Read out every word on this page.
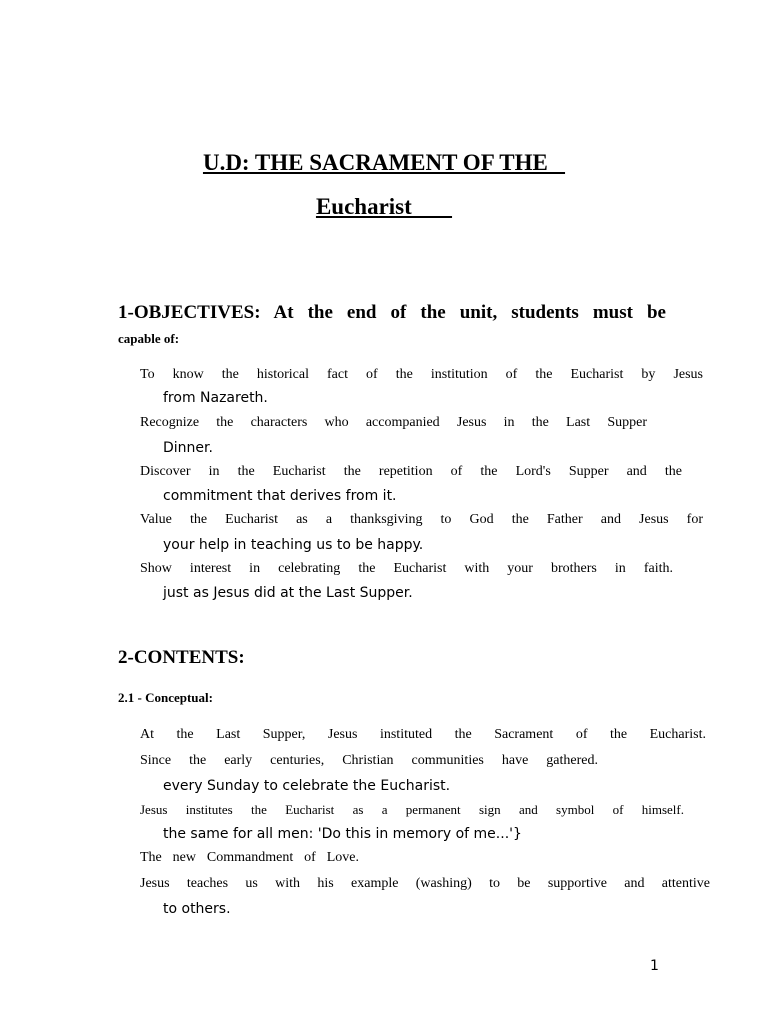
U.D: THE SACRAMENT OF THE
Eucharist
1-OBJECTIVES: At the end of the unit, students must be
capable of:
To know the historical fact of the institution of the Eucharist by Jesus
from Nazareth.
Recognize the characters who accompanied Jesus in the Last Supper
Dinner.
Discover in the Eucharist the repetition of the Lord's Supper and the
commitment that derives from it.
Value the Eucharist as a thanksgiving to God the Father and Jesus for
your help in teaching us to be happy.
Show interest in celebrating the Eucharist with your brothers in faith.
just as Jesus did at the Last Supper.
2-CONTENTS:
2.1 - Conceptual:
At the Last Supper, Jesus instituted the Sacrament of the Eucharist.
Since the early centuries, Christian communities have gathered.
every Sunday to celebrate the Eucharist.
Jesus institutes the Eucharist as a permanent sign and symbol of himself.
the same for all men: 'Do this in memory of me...'}
The new Commandment of Love.
Jesus teaches us with his example (washing) to be supportive and attentive
to others.
1
